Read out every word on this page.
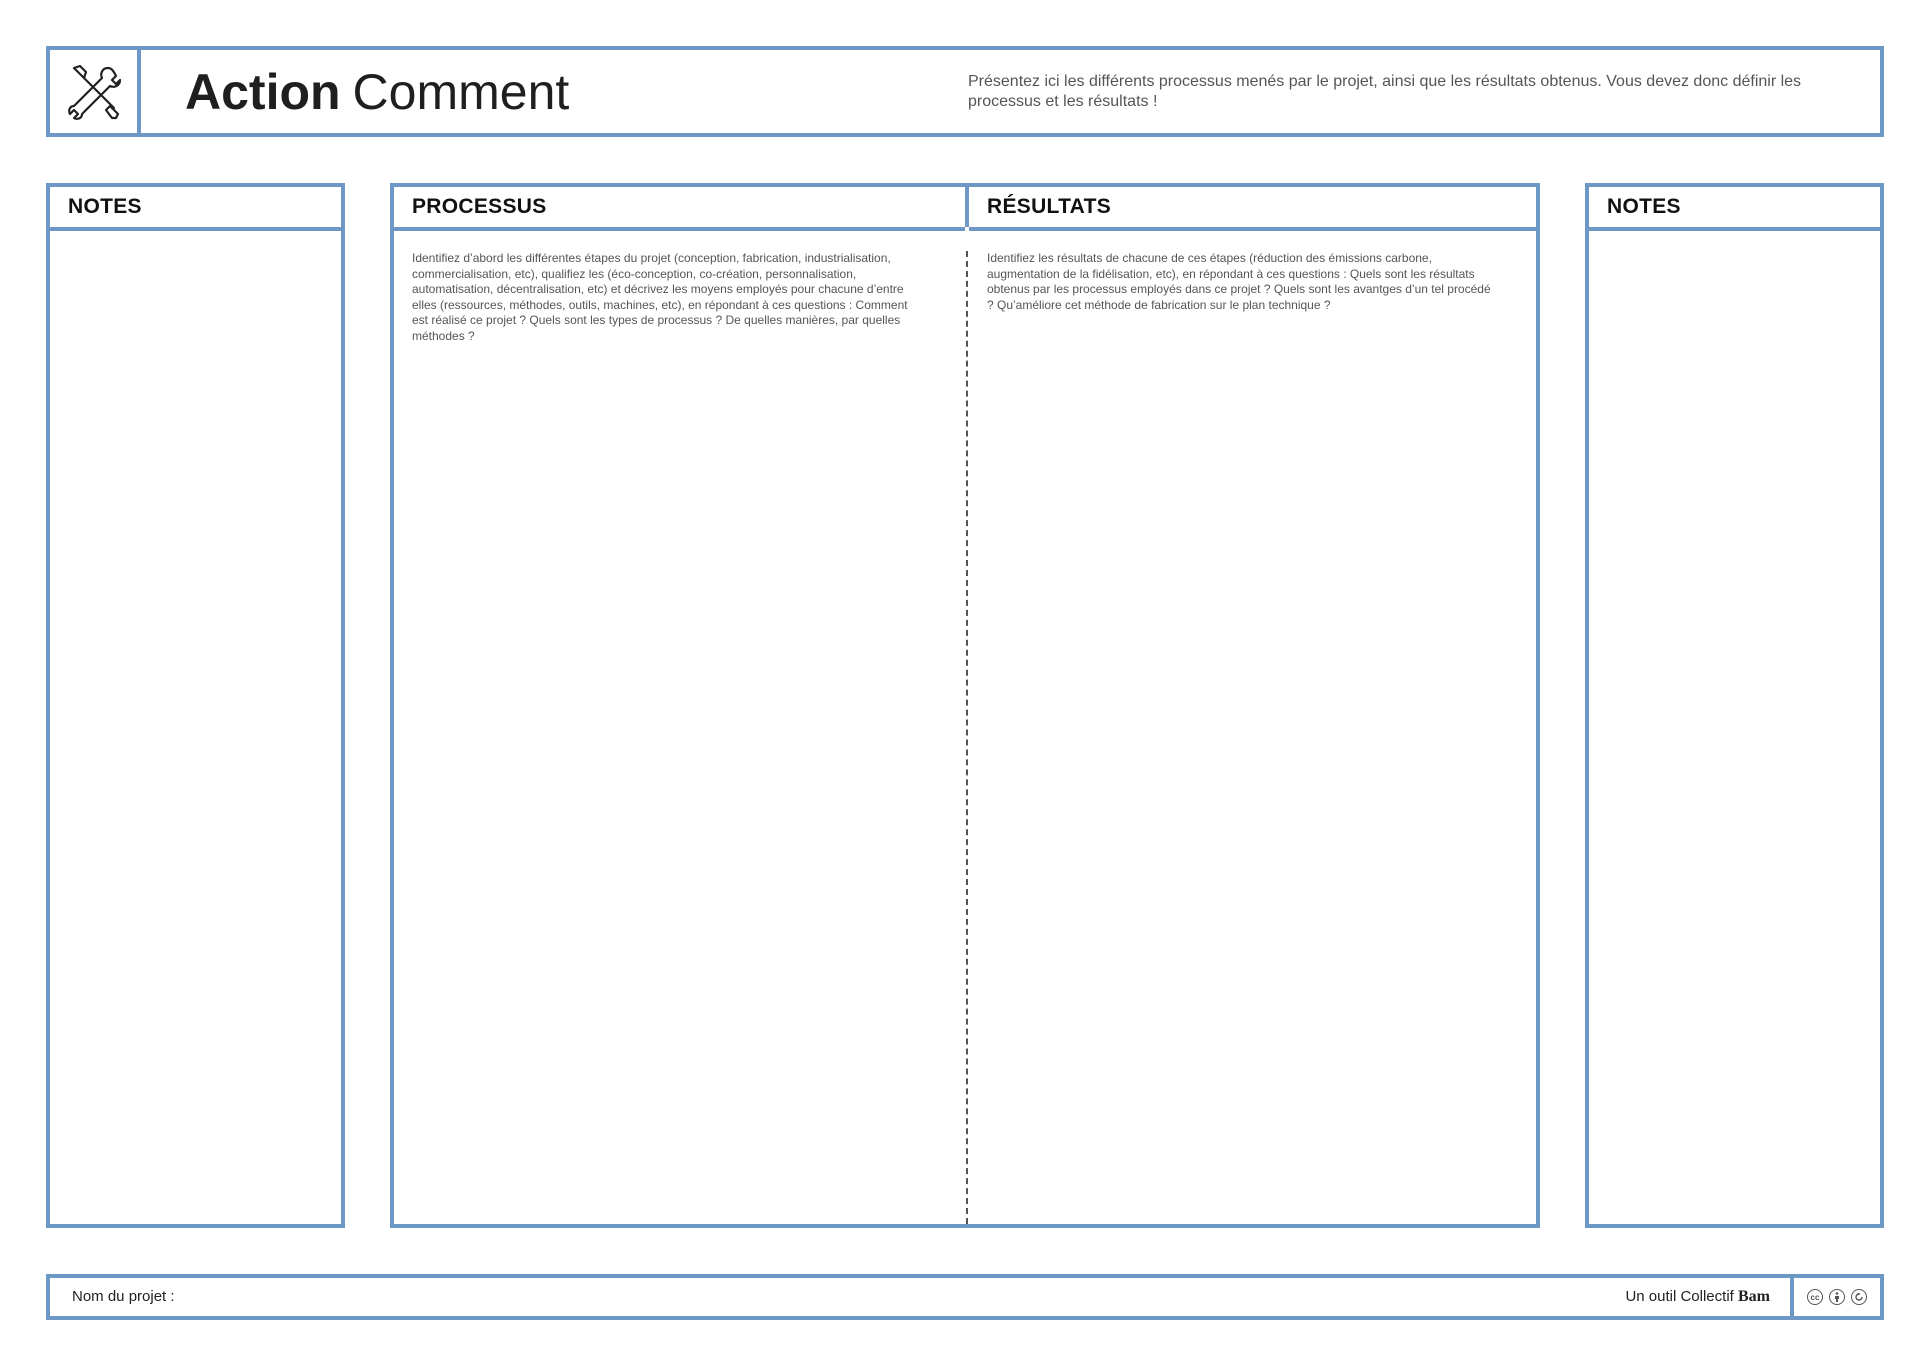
Action Comment	Présentez ici les différents processus menés par le projet, ainsi que les résultats obtenus. Vous devez donc définir les processus et les résultats !
NOTES	PROCESSUS
Identifiez d’abord les différentes étapes du projet (conception, fabrication, industrialisation, commercialisation, etc), qualifiez les (éco-conception, co-création, personnalisation, automatisation, décentralisation, etc) et décrivez les moyens employés pour chacune d’entre elles (ressources, méthodes, outils, machines, etc), en répondant à ces questions : Comment est réalisé ce projet ? Quels sont les types de processus ? De quelles manières, par quelles méthodes ?
RÉSULTATS
Identifiez les résultats de chacune de ces étapes (réduction des émissions carbone, augmentation de la fidélisation, etc), en répondant à ces questions : Quels sont les résultats obtenus par les processus employés dans ce projet ? Quels sont les avantges d’un tel procédé ? Qu’améliore cet méthode de fabrication sur le plan technique ?
NOTES
Nom du projet :	Un outil Collectif Bam	cc
